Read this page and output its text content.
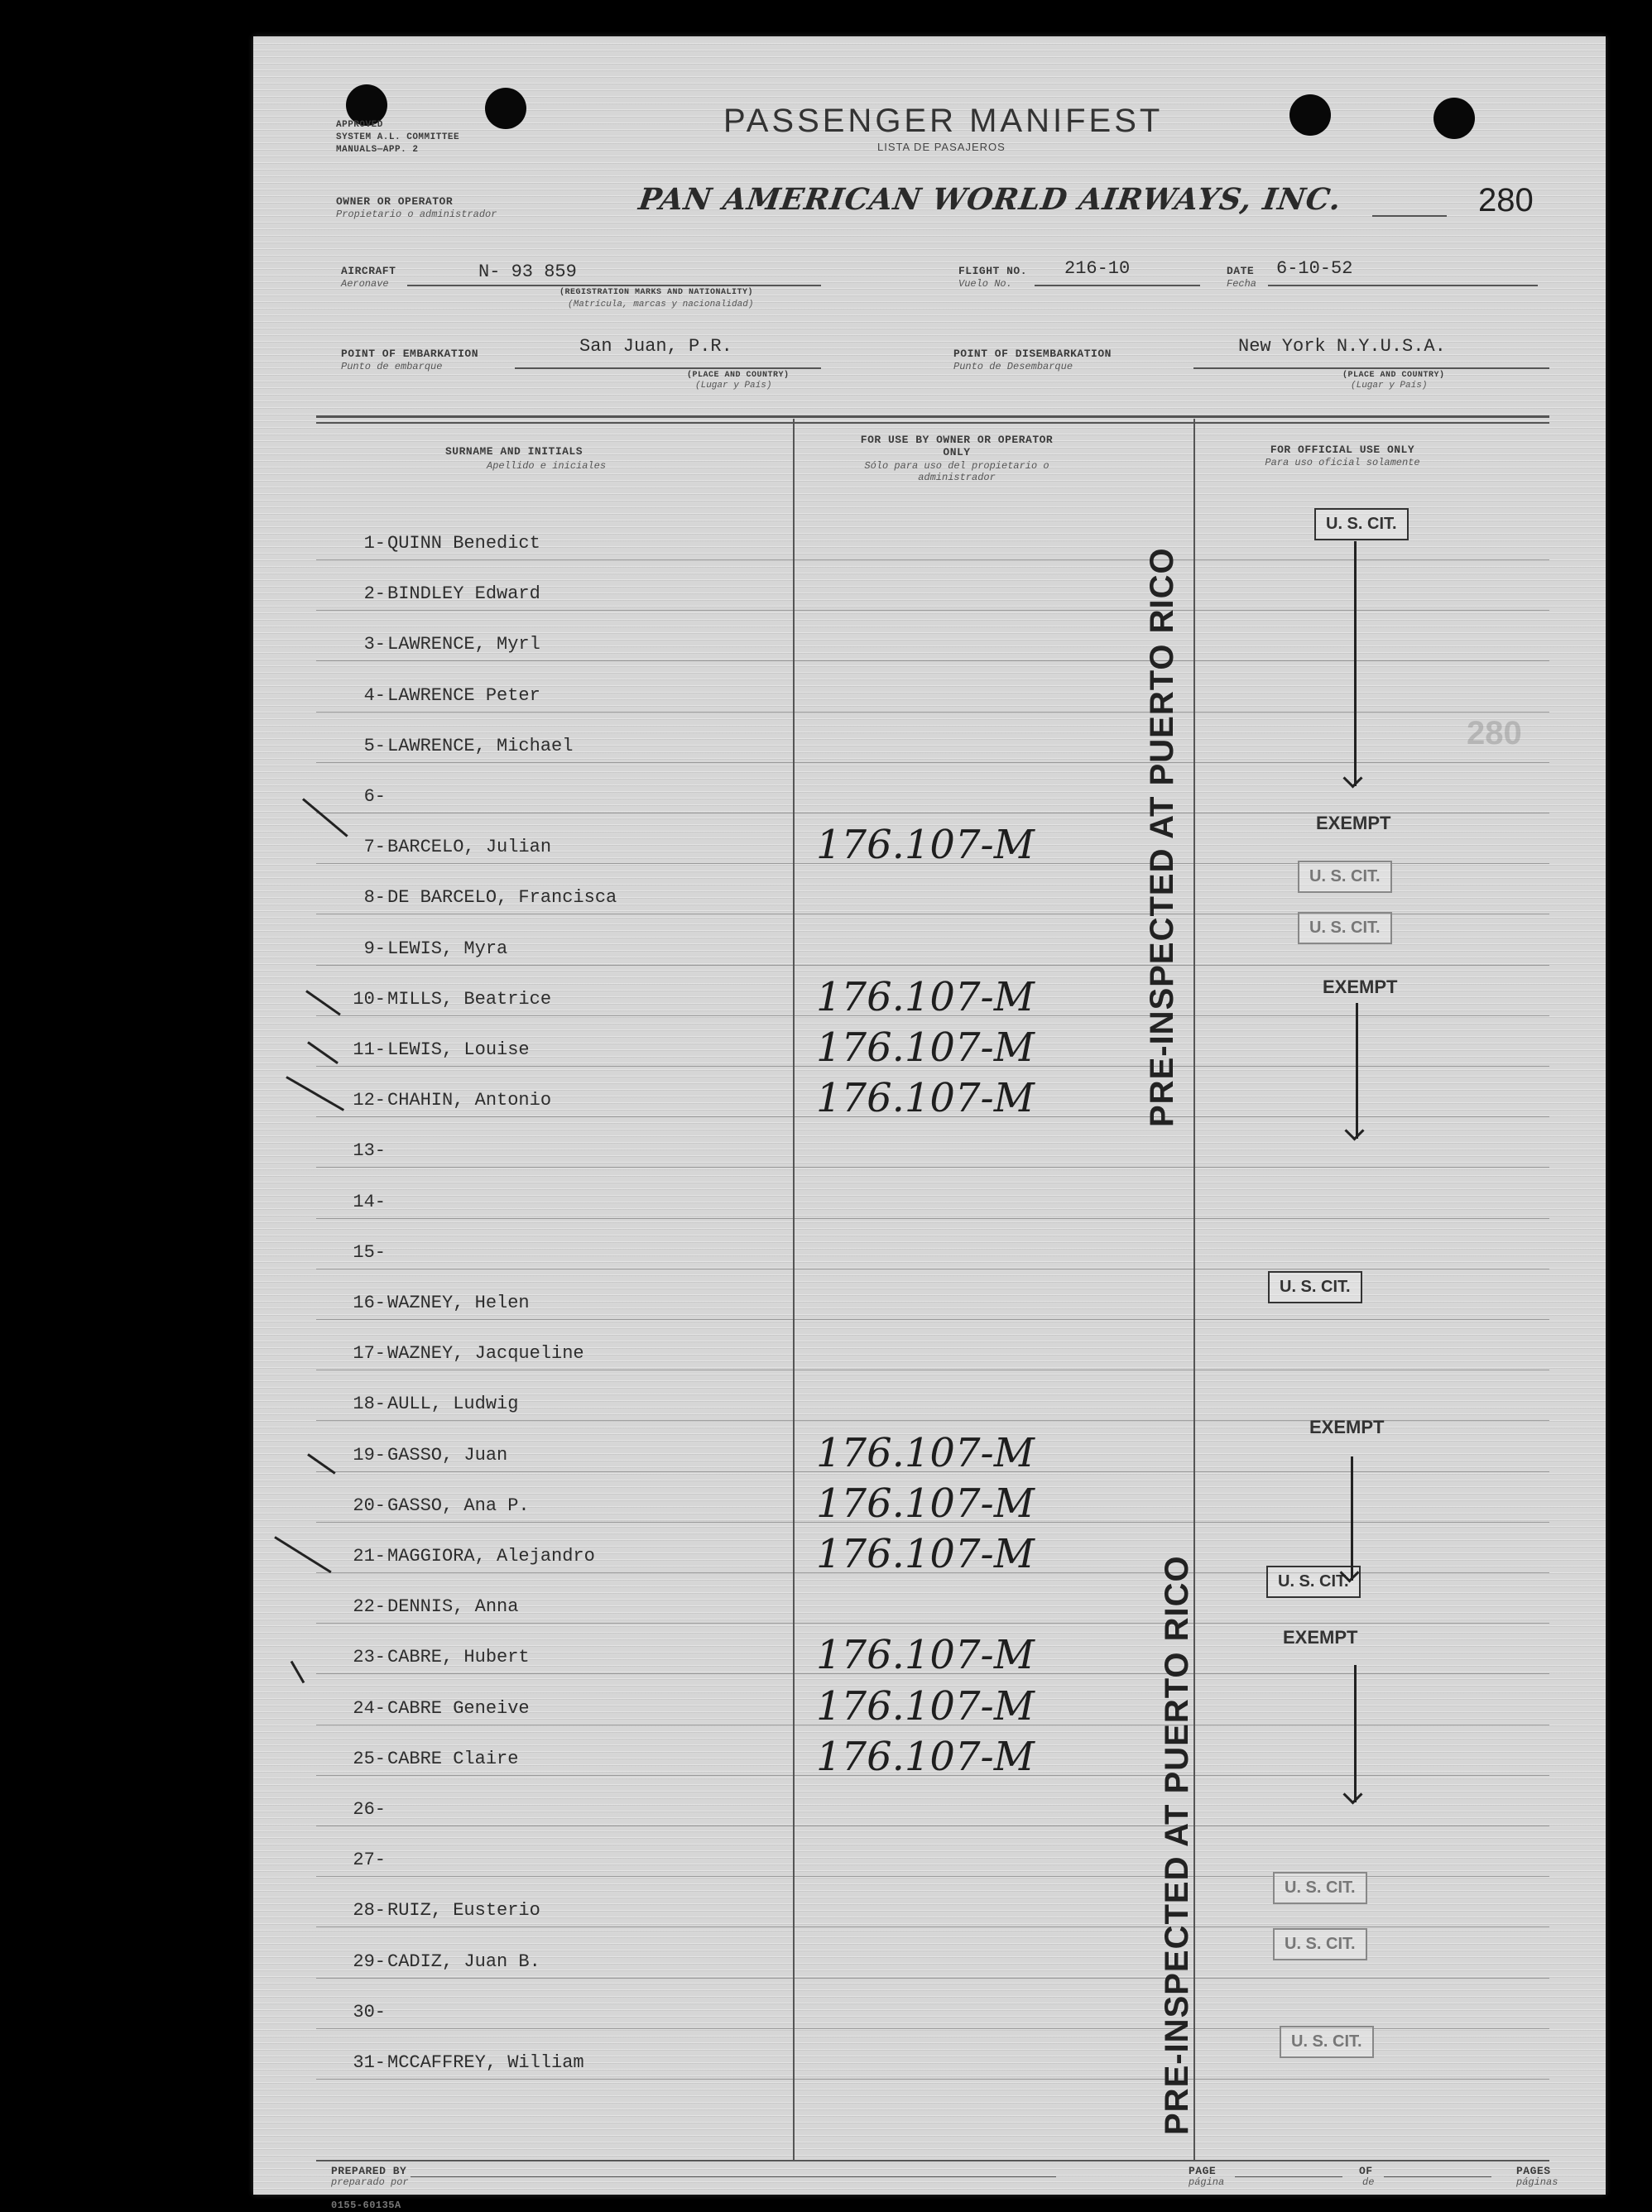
APPROVED
SYSTEM A.L. COMMITTEE
MANUALS—APP. 2
PASSENGER MANIFEST
LISTA DE PASAJEROS
OWNER OR OPERATOR
Propietario o administrador	PAN AMERICAN WORLD AIRWAYS, INC.	280
AIRCRAFT
Aeronave
N- 93 859
(REGISTRATION MARKS AND NATIONALITY)
(Matrícula, marcas y nacionalidad)
FLIGHT NO.
Vuelo No.
216-10	DATE
Fecha
6-10-52
POINT OF EMBARKATION
Punto de embarque
San Juan, P.R.
(PLACE AND COUNTRY)
(Lugar y País)
POINT OF DISEMBARKATION
Punto de Desembarque
New York N.Y.U.S.A.
(PLACE AND COUNTRY)
(Lugar y País)
SURNAME AND INITIALS
Apellido e iniciales
FOR USE BY OWNER OR OPERATOR ONLY
Sólo para uso del propietario o administrador
FOR OFFICIAL USE ONLY
Para uso oficial solamente
1- QUINN Benedict
2- BINDLEY Edward
3- LAWRENCE, Myrl
4- LAWRENCE Peter
5- LAWRENCE, Michael
6-
7- BARCELO, Julian	176.107-M
8- DE BARCELO, Francisca
9- LEWIS, Myra
10- MILLS, Beatrice	176.107-M
11- LEWIS, Louise	176.107-M
12- CHAHIN, Antonio	176.107-M
13-
14-
15-
16- WAZNEY, Helen
17- WAZNEY, Jacqueline
18- AULL, Ludwig
19- GASSO, Juan	176.107-M
20- GASSO, Ana P.	176.107-M
21- MAGGIORA, Alejandro	176.107-M
22- DENNIS, Anna
23- CABRE, Hubert	176.107-M
24- CABRE Geneive	176.107-M
25- CABRE Claire	176.107-M
26-
27-
28- RUIZ, Eusterio
29- CADIZ, Juan B.
30-
31- MCCAFFREY, William
U. S. CIT.
U. S. CIT.
U. S. CIT.
U. S. CIT.
U. S. CIT.
U. S. CIT.
U. S. CIT.
U. S. CIT.
EXEMPT
EXEMPT
EXEMPT
EXEMPT
PRE-INSPECTED AT PUERTO RICO
PRE-INSPECTED AT PUERTO RICO
280
PREPARED BY
preparado por
PAGE
página
OF
de
PAGES
páginas
0155-60135A
